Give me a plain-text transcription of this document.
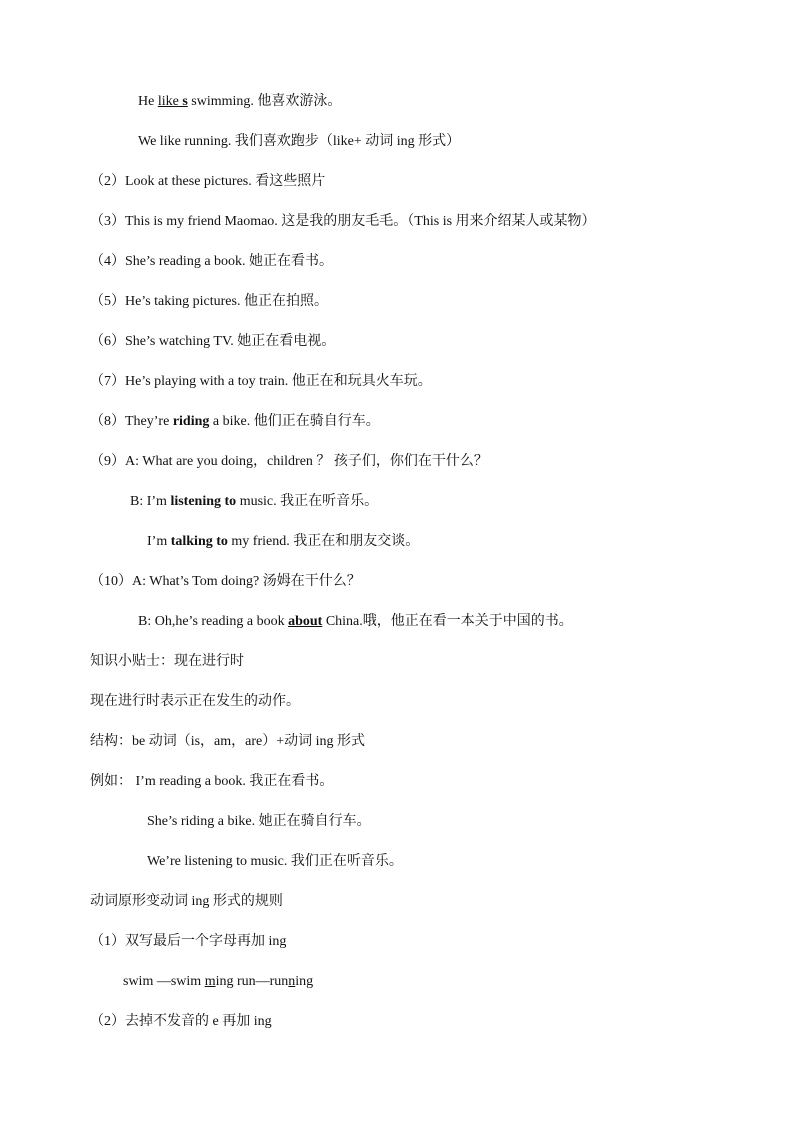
He like s swimming. 他喜欢游泳。
We like running. 我们喜欢跑步（like+ 动词 ing 形式）
（2）Look at these pictures. 看这些照片
（3）This is my friend Maomao. 这是我的朋友毛毛。（This is 用来介绍某人或某物）
（4）She’s reading a book. 她正在看书。
（5）He’s taking pictures. 他正在拍照。
（6）She’s watching TV. 她正在看电视。
（7）He’s playing with a toy train. 他正在和玩具火车玩。
（8）They’re riding a bike. 他们正在骑自行车。
（9）A: What are you doing，children ？ 孩子们，你们在干什么？
B: I’m listening to music. 我正在听音乐。
I’m talking to my friend. 我正在和朋友交谈。
（10）A: What’s Tom doing? 汤姆在干什么？
B: Oh,he’s reading a book about China.哦，他正在看一本关于中国的书。
知识小贴士：现在进行时
现在进行时表示正在发生的动作。
结构：be 动词（is，am，are）+动词 ing 形式
例如： I’m reading a book. 我正在看书。
She’s riding a bike. 她正在骑自行车。
We’re listening to music. 我们正在听音乐。
动词原形变动词 ing 形式的规则
（1）双写最后一个字母再加 ing
swim —swim ming run—running
（2）去掉不发音的 e 再加 ing
